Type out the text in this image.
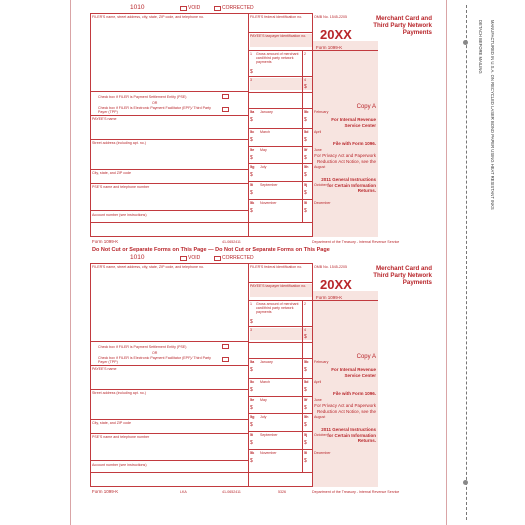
DETACH BEFORE MAILING MANUFACTURED IN U.S.A. ON RECYCLED LASER BOND PAPER USING HEAT RESISTANT INKS
Do Not Cut or Separate Forms on This Page — Do Not Cut or Separate Forms on This Page
1010	VOID	CORRECTED
FILER'S name, street address, city, state, ZIP code, and telephone no.	FILER'S federal identification no.	OMB No. 1545-2205
PAYEE'S taxpayer identification no. 20XX
Form 1099-K
Merchant Card and Third Party Network Payments
1 Gross amount of merchant card/third party network payments
2
$
3	4
$
Check box if FILER is Payment Settlement Entity (PSE)
OR
Check box if FILER is Electronic Payment Facilitator (EPF)/ Third Party Payer (TPP)
PAYEE'S name
Street address (including apt. no.)
City, state, and ZIP code
PSE'S name and telephone number
Account number (see instructions)
5a January
$
5b February
$
5c March
$
5d April
$
5e May
$
5f June
$
5g July
$
5h August
$
5i September
$
5j October
$
5k November
$
5l December
$
Copy A
For Internal Revenue Service Center
File with Form 1096.
For Privacy Act and Paperwork Reduction Act Notice, see the
2011 General Instructions for Certain Information Returns.
Form 1099-K	41-0652411	Department of the Treasury - Internal Revenue Service
1010	VOID	CORRECTED
FILER'S name, street address, city, state, ZIP code, and telephone no.	FILER'S federal identification no.	OMB No. 1545-2205
PAYEE'S taxpayer identification no. 20XX
Form 1099-K
Merchant Card and Third Party Network Payments
1 Gross amount of merchant card/third party network payments
2
$
3	4
$
Check box if FILER is Payment Settlement Entity (PSE)
OR
Check box if FILER is Electronic Payment Facilitator (EPF)/ Third Party Payer (TPP)
PAYEE'S name
Street address (including apt. no.)
City, state, and ZIP code
PSE'S name and telephone number
Account number (see instructions)
5a January
$
5b February
$
5c March
$
5d April
$
5e May
$
5f June
$
5g July
$
5h August
$
5i September
$
5j October
$
5k November
$
5l December
$
Copy A
For Internal Revenue Service Center
File with Form 1096.
For Privacy Act and Paperwork Reduction Act Notice, see the
2011 General Instructions for Certain Information Returns.
Form 1099-K	LKA	41-0652411	5326	Department of the Treasury - Internal Revenue Service
